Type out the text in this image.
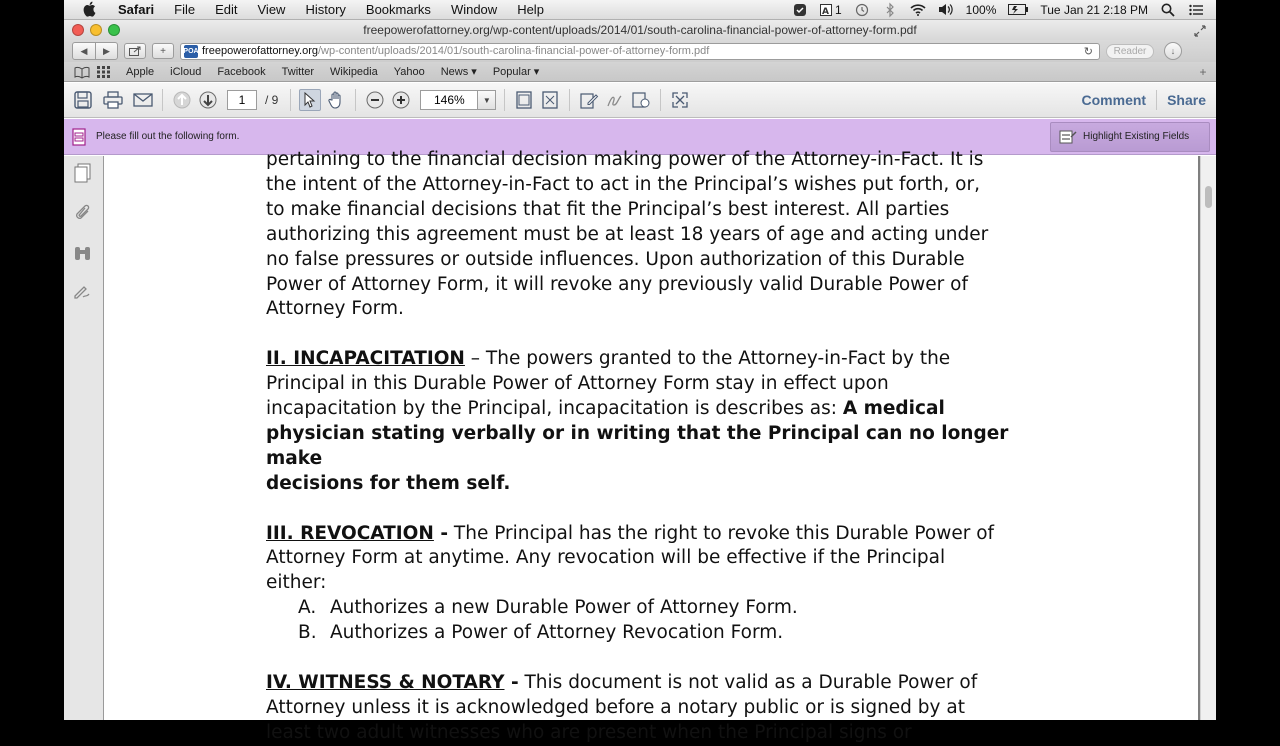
Safari	File	Edit	View	History	Bookmarks	Window	Help	A 1	100%	Tue Jan 21 2:18 PM
freepowerofattorney.org/wp-content/uploads/2014/01/south-carolina-financial-power-of-attorney-form.pdf
◀	▶	+	POA freepowerofattorney.org /wp-content/uploads/2014/01/south-carolina-financial-power-of-attorney-form.pdf	↻	Reader	↓
Apple	iCloud	Facebook	Twitter	Wikipedia	Yahoo	News ▾	Popular ▾	+
1	/ 9	146%	▼	Comment	Share
Please fill out the following form.	Highlight Existing Fields

pertaining to the financial decision making power of the Attorney-in-Fact. It is

the intent of the Attorney-in-Fact to act in the Principal’s wishes put forth, or,

to make financial decisions that fit the Principal’s best interest. All parties

authorizing this agreement must be at least 18 years of age and acting under

no false pressures or outside influences. Upon authorization of this Durable

Power of Attorney Form, it will revoke any previously valid Durable Power of

Attorney Form.

II. INCAPACITATION – The powers granted to the Attorney-in-Fact by the

Principal in this Durable Power of Attorney Form stay in effect upon

incapacitation by the Principal, incapacitation is describes as: A medical

physician stating verbally or in writing that the Principal can no longer make

decisions for them self.

III. REVOCATION - The Principal has the right to revoke this Durable Power of

Attorney Form at anytime. Any revocation will be effective if the Principal

either:

A. Authorizes a new Durable Power of Attorney Form.
B. Authorizes a Power of Attorney Revocation Form.

IV. WITNESS & NOTARY - This document is not valid as a Durable Power of

Attorney unless it is acknowledged before a notary public or is signed by at

least two adult witnesses who are present when the Principal signs or
